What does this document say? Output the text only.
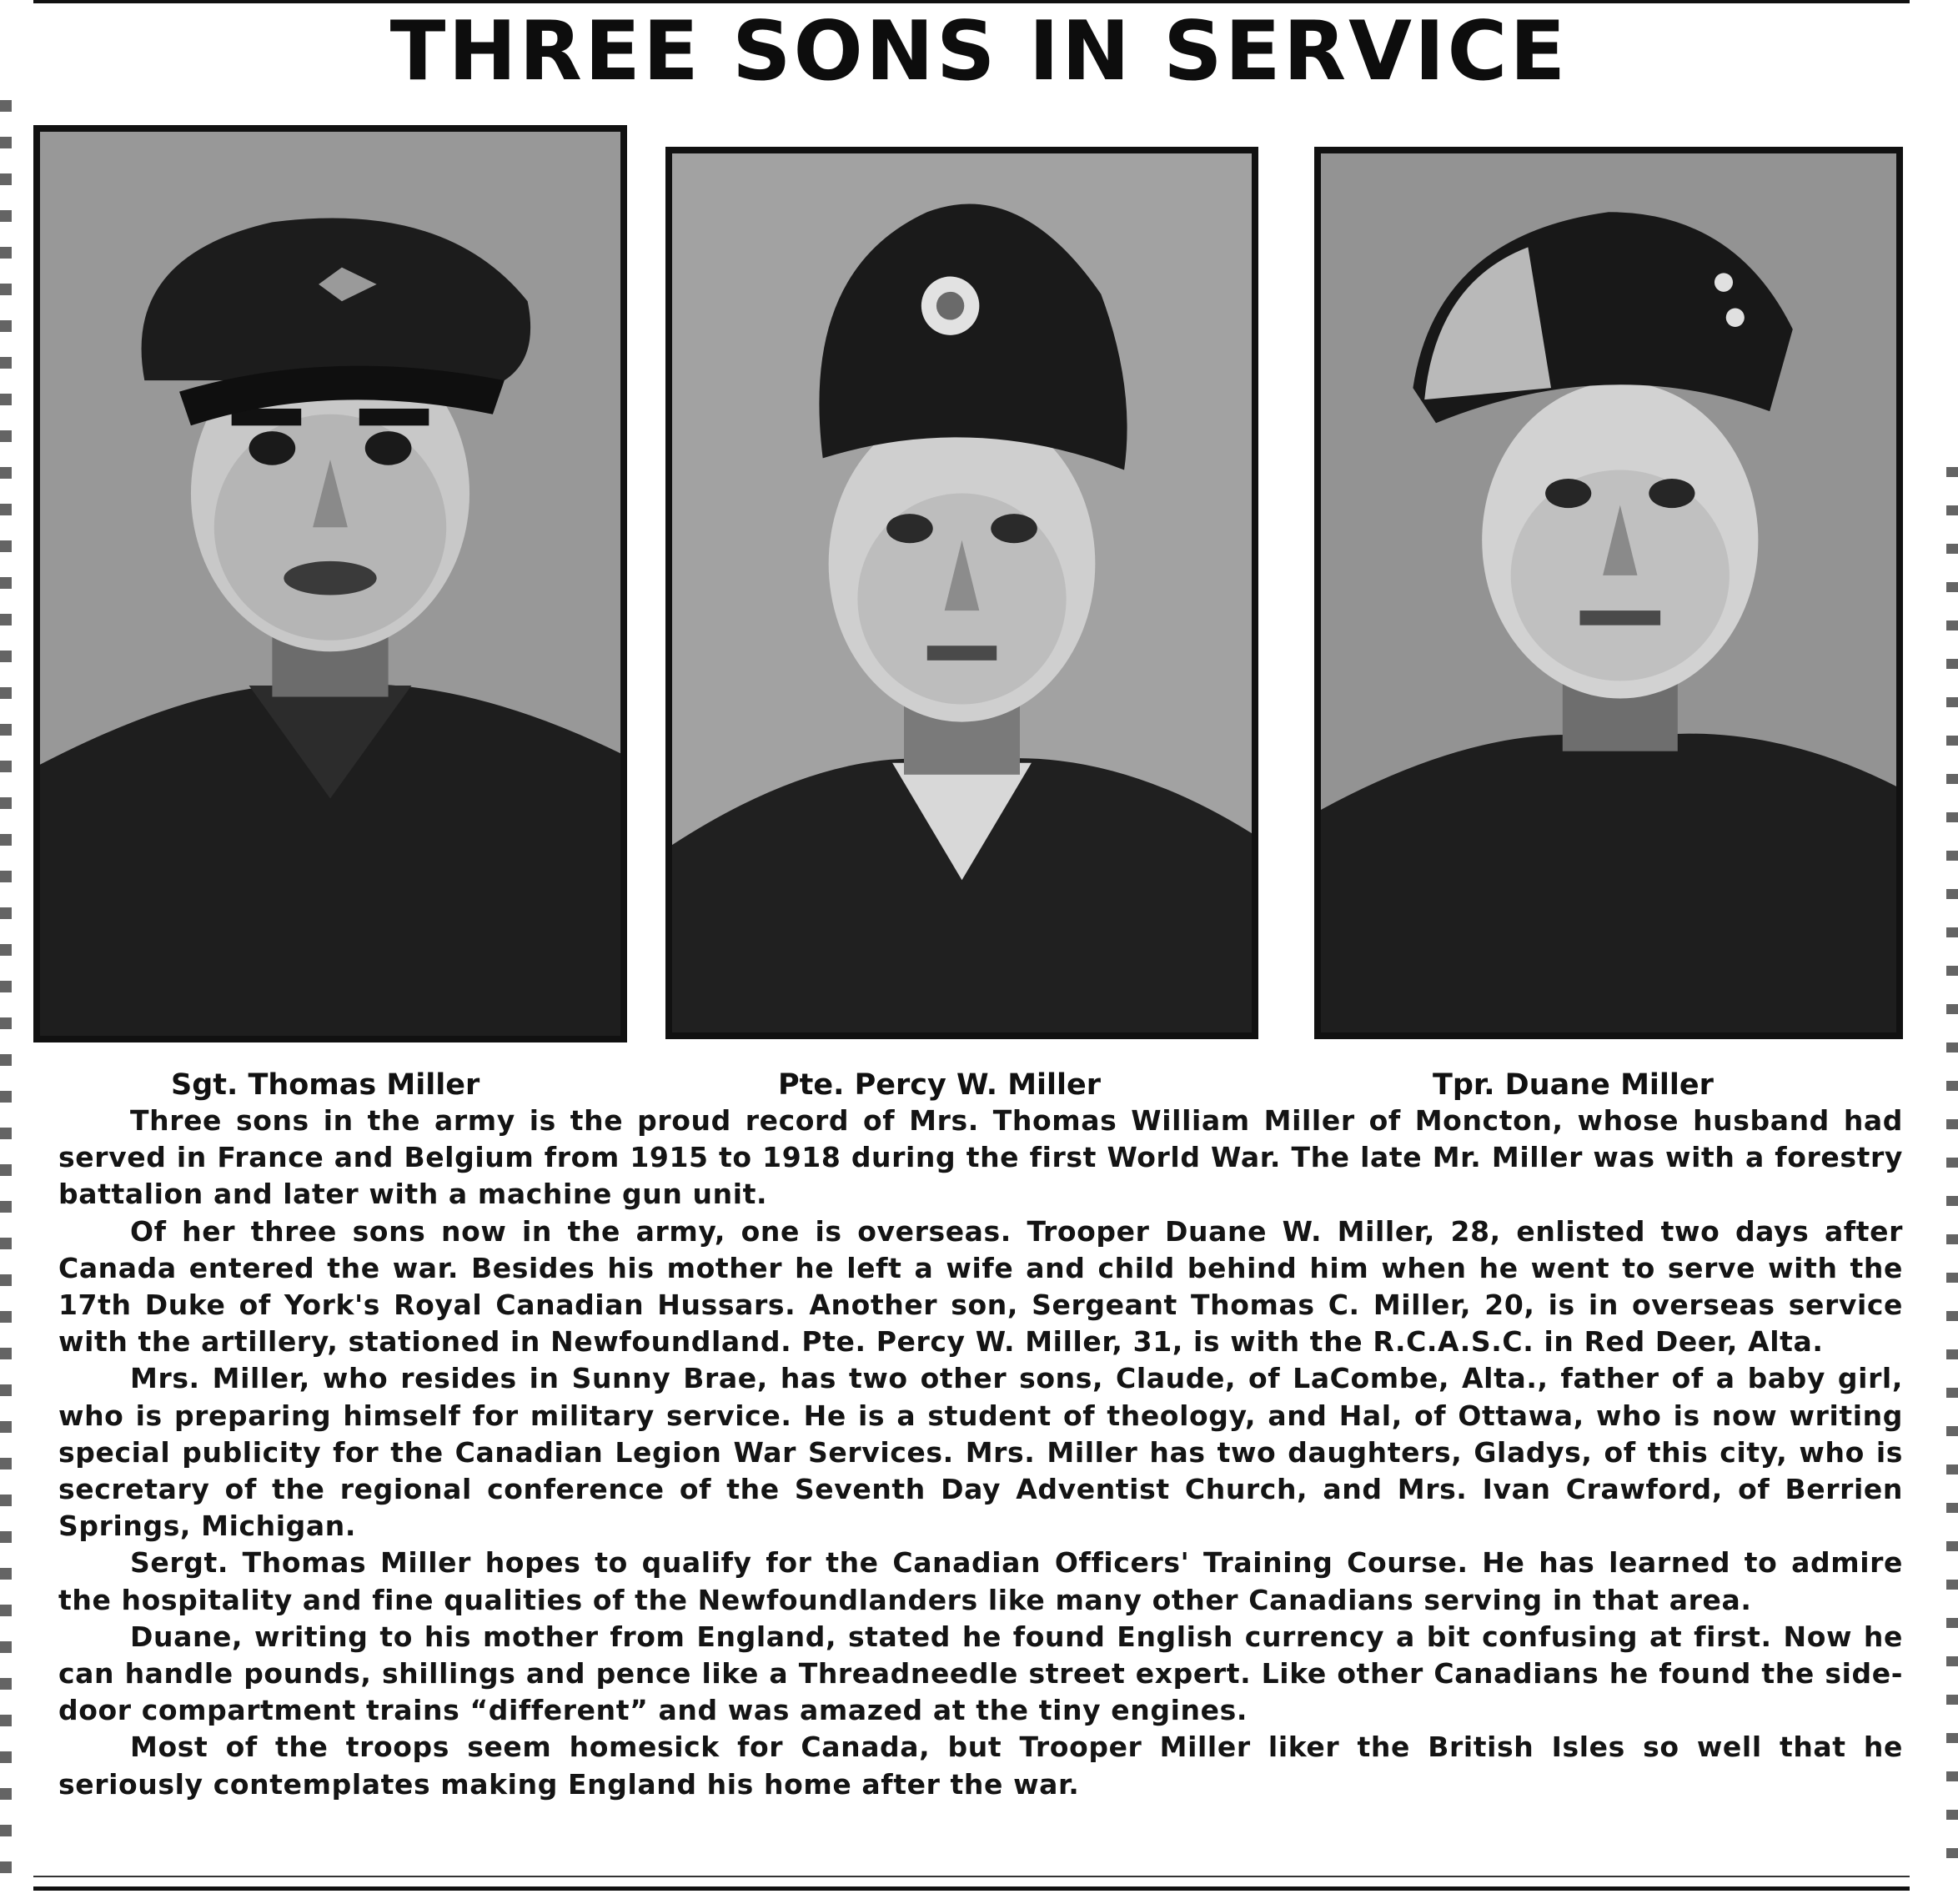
THREE SONS IN SERVICE
Sgt. Thomas Miller	Pte. Percy W. Miller	Tpr. Duane Miller

Three sons in the army is the proud record of Mrs. Thomas William Miller of Moncton, whose husband had served in France and Belgium from 1915 to 1918 during the first World War. The late Mr. Miller was with a forestry battalion and later with a machine gun unit.

Of her three sons now in the army, one is overseas. Trooper Duane W. Miller, 28, enlisted two days after Canada entered the war. Besides his mother he left a wife and child behind him when he went to serve with the 17th Duke of York's Royal Canadian Hussars. Another son, Sergeant Thomas C. Miller, 20, is in overseas service with the artillery, stationed in Newfoundland. Pte. Percy W. Miller, 31, is with the R.C.A.S.C. in Red Deer, Alta.

Mrs. Miller, who resides in Sunny Brae, has two other sons, Claude, of LaCombe, Alta., father of a baby girl, who is preparing himself for military service. He is a student of theology, and Hal, of Ottawa, who is now writing special publicity for the Canadian Legion War Services. Mrs. Miller has two daughters, Gladys, of this city, who is secretary of the regional conference of the Seventh Day Adventist Church, and Mrs. Ivan Crawford, of Berrien Springs, Michigan.

Sergt. Thomas Miller hopes to qualify for the Canadian Officers' Training Course. He has learned to admire the hospitality and fine qualities of the Newfoundlanders like many other Canadians serving in that area.

Duane, writing to his mother from England, stated he found English currency a bit confusing at first. Now he can handle pounds, shillings and pence like a Threadneedle street expert. Like other Canadians he found the side-door compartment trains “different” and was amazed at the tiny engines.

Most of the troops seem homesick for Canada, but Trooper Miller liker the British Isles so well that he seriously contemplates making England his home after the war.
